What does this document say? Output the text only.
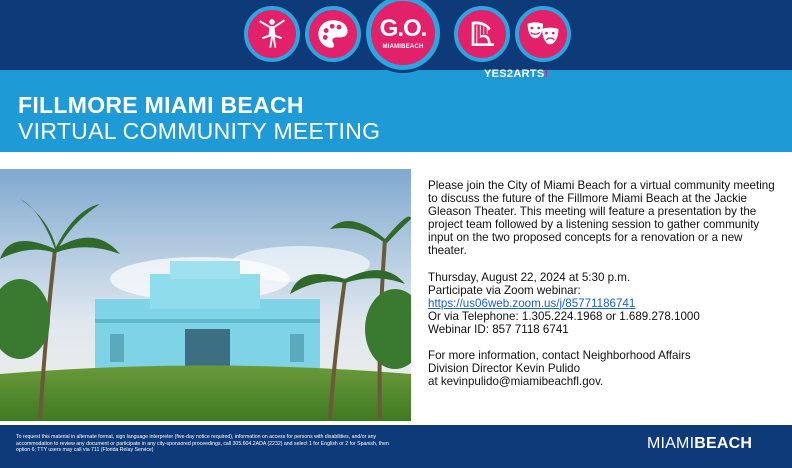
G.O.
MIAMIBEACH
YES2ARTS!
FILLMORE MIAMI BEACH
VIRTUAL COMMUNITY MEETING

Please join the City of Miami Beach for a virtual community meeting to discuss the future of the Fillmore Miami Beach at the Jackie Gleason Theater. This meeting will feature a presentation by the project team followed by a listening session to gather community input on the two proposed concepts for a renovation or a new theater.

Thursday, August 22, 2024 at 5:30 p.m.
Participate via Zoom webinar:
https://us06web.zoom.us/j/85771186741
Or via Telephone: 1.305.224.1968 or 1.689.278.1000
Webinar ID: 857 7118 6741

For more information, contact Neighborhood Affairs
Division Director Kevin Pulido
at kevinpulido@miamibeachfl.gov.

To request this material in alternate format, sign language interpreter (five-day notice required), information on access for persons with disabilities, and/or any accommodation to review any document or participate in any city-sponsored proceedings, call 305.604.2ADA (2232) and select 1 for English or 2 for Spanish, then option 6; TTY users may call via 711 (Florida Relay Service)	MIAMIBEACH
